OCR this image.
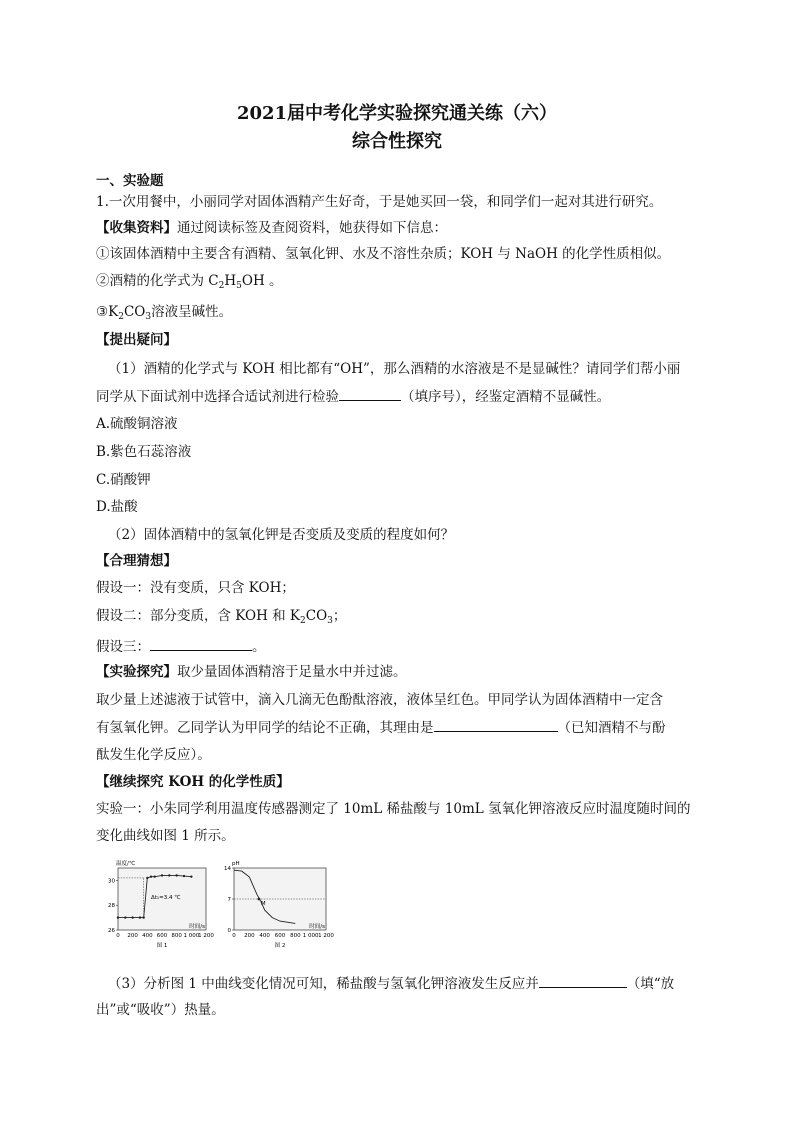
2021届中考化学实验探究通关练（六）
综合性探究
一、实验题
1.一次用餐中，小丽同学对固体酒精产生好奇，于是她买回一袋，和同学们一起对其进行研究。
【收集资料】通过阅读标签及查阅资料，她获得如下信息：
①该固体酒精中主要含有酒精、氢氧化钾、水及不溶性杂质；KOH 与 NaOH 的化学性质相似。
②酒精的化学式为 $C_2H_5OH$ 。
$③K_2CO_3$溶液呈碱性。
【提出疑问】
（1）酒精的化学式与 KOH 相比都有“OH”，那么酒精的水溶液是不是显碱性？请同学们帮小丽
同学从下面试剂中选择合适试剂进行检验	（填序号），经鉴定酒精不显碱性。
A.硫酸铜溶液
B.紫色石蕊溶液
C.硝酸钾
D.盐酸
（2）固体酒精中的氢氧化钾是否变质及变质的程度如何？
【合理猜想】
假设一：没有变质，只含 KOH；
假设二：部分变质，含 KOH 和 $K_2CO_3$；
假设三：	。
【实验探究】取少量固体酒精溶于足量水中并过滤。
取少量上述滤液于试管中，滴入几滴无色酚酞溶液，液体呈红色。甲同学认为固体酒精中一定含
有氢氧化钾。乙同学认为甲同学的结论不正确，其理由是	（已知酒精不与酚
酞发生化学反应）。
【继续探究 KOH 的化学性质】
实验一：小朱同学利用温度传感器测定了 10mL 稀盐酸与 10mL 氢氧化钾溶液反应时温度随时间的
变化曲线如图 1 所示。
30
28
26
0 200 400 600 800 1 000
1 200
温度/℃
时间/s
图 1
Δt₁=3.4 ℃
14
7
0
0 200 400 600 800 1 000 1 200
pH
时间/s
图 2
M
（3）分析图 1 中曲线变化情况可知，稀盐酸与氢氧化钾溶液发生反应并	（填“放
出”或“吸收”）热量。
